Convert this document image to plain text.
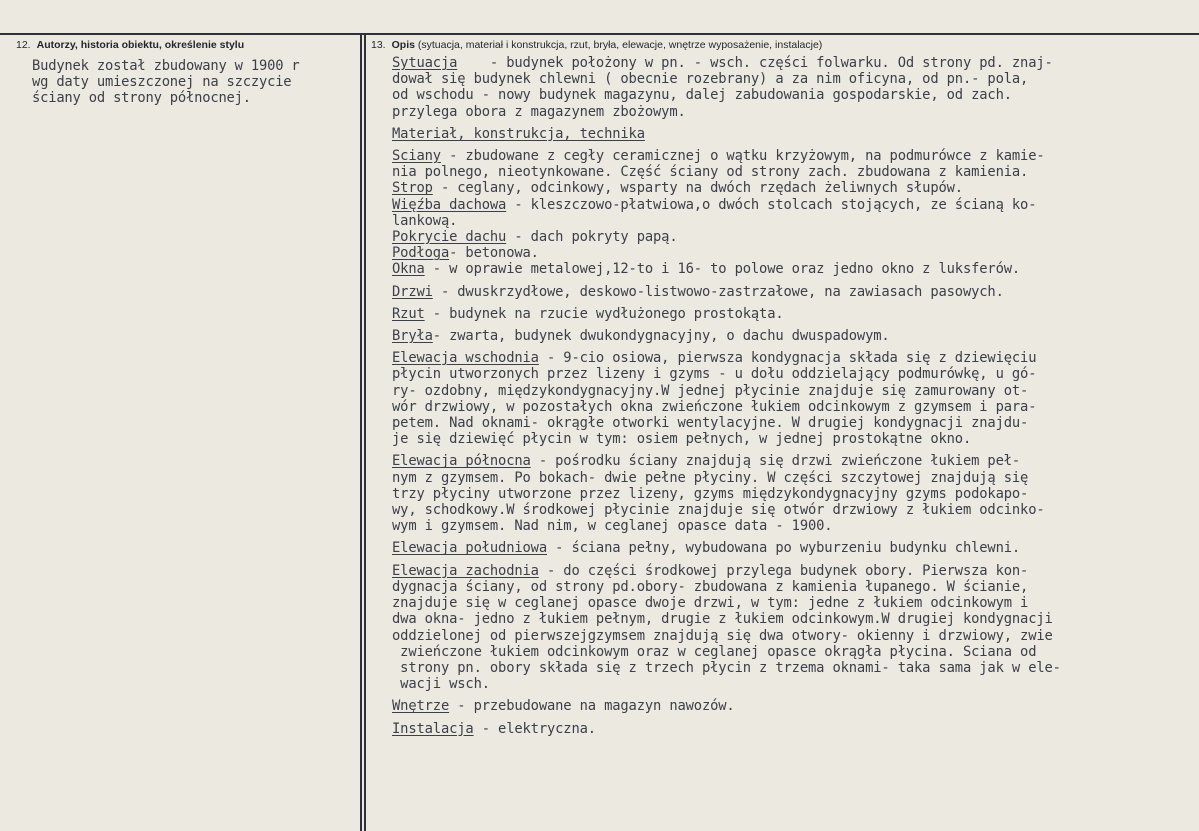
12. Autorzy, historia obiektu, określenie stylu	13. Opis (sytuacja, materiał i konstrukcja, rzut, bryła, elewacje, wnętrze wyposażenie, instalacje)
Budynek został zbudowany w 1900 r
wg daty umieszczonej na szczycie
ściany od strony północnej.
Sytuacja    - budynek położony w pn. - wsch. części folwarku. Od strony pd. znaj-
dował się budynek chlewni ( obecnie rozebrany) a za nim oficyna, od pn.- pola,
od wschodu - nowy budynek magazynu, dalej zabudowania gospodarskie, od zach.
przylega obora z magazynem zbożowym.
Materiał, konstrukcja, technika
Sciany - zbudowane z cegły ceramicznej o wątku krzyżowym, na podmurówce z kamie-
nia polnego, nieotynkowane. Część ściany od strony zach. zbudowana z kamienia.
Strop - ceglany, odcinkowy, wsparty na dwóch rzędach żeliwnych słupów.
Więźba dachowa - kleszczowo-płatwiowa,o dwóch stolcach stojących, ze ścianą ko-
lankową.
Pokrycie dachu - dach pokryty papą.
Podłoga- betonowa.
Okna - w oprawie metalowej,12-to i 16- to polowe oraz jedno okno z luksferów.
Drzwi - dwuskrzydłowe, deskowo-listwowo-zastrzałowe, na zawiasach pasowych.
Rzut - budynek na rzucie wydłużonego prostokąta.
Bryła- zwarta, budynek dwukondygnacyjny, o dachu dwuspadowym.
Elewacja wschodnia - 9-cio osiowa, pierwsza kondygnacja składa się z dziewięciu
płycin utworzonych przez lizeny i gzyms - u dołu oddzielający podmurówkę, u gó-
ry- ozdobny, międzykondygnacyjny.W jednej płycinie znajduje się zamurowany ot-
wór drzwiowy, w pozostałych okna zwieńczone łukiem odcinkowym z gzymsem i para-
petem. Nad oknami- okrągłe otworki wentylacyjne. W drugiej kondygnacji znajdu-
je się dziewięć płycin w tym: osiem pełnych, w jednej prostokątne okno.
Elewacja północna - pośrodku ściany znajdują się drzwi zwieńczone łukiem peł-
nym z gzymsem. Po bokach- dwie pełne płyciny. W części szczytowej znajdują się
trzy płyciny utworzone przez lizeny, gzyms międzykondygnacyjny gzyms podokapo-
wy, schodkowy.W środkowej płycinie znajduje się otwór drzwiowy z łukiem odcinko-
wym i gzymsem. Nad nim, w ceglanej opasce data - 1900.
Elewacja południowa - ściana pełny, wybudowana po wyburzeniu budynku chlewni.
Elewacja zachodnia - do części środkowej przylega budynek obory. Pierwsza kon-
dygnacja ściany, od strony pd.obory- zbudowana z kamienia łupanego. W ścianie,
znajduje się w ceglanej opasce dwoje drzwi, w tym: jedne z łukiem odcinkowym i
dwa okna- jedno z łukiem pełnym, drugie z łukiem odcinkowym.W drugiej kondygnacji
oddzielonej od pierwszejgzymsem znajdują się dwa otwory- okienny i drzwiowy, zwie
zwieńczone łukiem odcinkowym oraz w ceglanej opasce okrągła płycina. Sciana od
strony pn. obory składa się z trzech płycin z trzema oknami- taka sama jak w ele-
wacji wsch.
Wnętrze - przebudowane na magazyn nawozów.
Instalacja - elektryczna.
